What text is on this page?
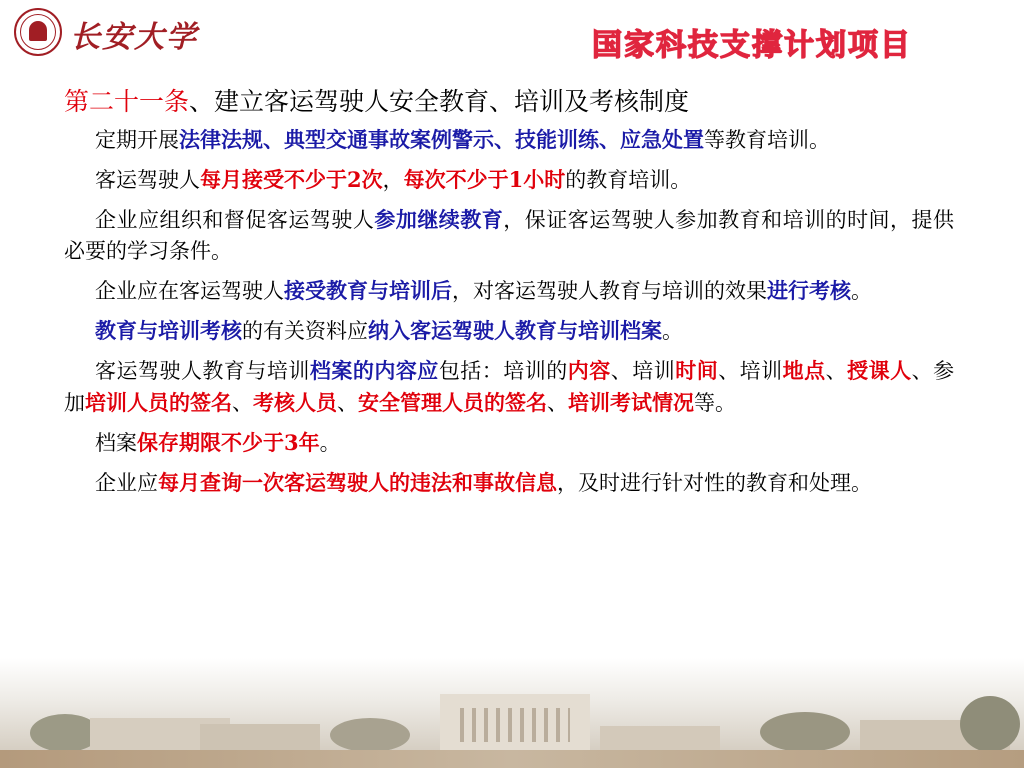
长安大学	国家科技支撑计划项目
第二十一条、建立客运驾驶人安全教育、培训及考核制度
定期开展法律法规、典型交通事故案例警示、技能训练、应急处置等教育培训。
客运驾驶人每月接受不少于2次，每次不少于1小时的教育培训。
企业应组织和督促客运驾驶人参加继续教育，保证客运驾驶人参加教育和培训的时间，提供必要的学习条件。
企业应在客运驾驶人接受教育与培训后，对客运驾驶人教育与培训的效果进行考核。
教育与培训考核的有关资料应纳入客运驾驶人教育与培训档案。
客运驾驶人教育与培训档案的内容应包括：培训的内容、培训时间、培训地点、授课人、参加培训人员的签名、考核人员、安全管理人员的签名、培训考试情况等。
档案保存期限不少于3年。
企业应每月查询一次客运驾驶人的违法和事故信息，及时进行针对性的教育和处理。
